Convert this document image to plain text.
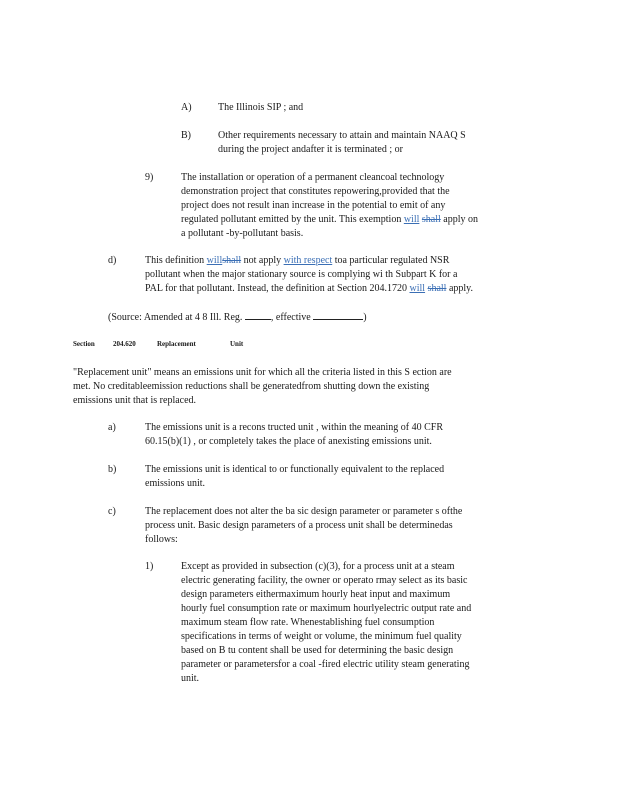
A)	The Illinois SIP ; and
B)	Other requirements necessary to attain and maintain NAAQ S
during the project andafter it is terminated ; or
9)	The installation or operation of a permanent cleancoal technology
demonstration project that constitutes repowering,provided that the
project does not result inan increase in the potential to emit of any
regulated pollutant emitted by the unit. This exemption will shall apply on
a pollutant -by-pollutant basis.
d)	This definition willshall not apply with respect toa particular regulated NSR
pollutant when the major stationary source is complying wi th Subpart K for a
PAL for that pollutant. Instead, the definition at Section 204.1720 will shall apply.
(Source: Amended at 4 8 Ill. Reg.	, effective	)
Section	204.620	Replacement	Unit
"Replacement unit" means an emissions unit for which all the criteria listed in this S ection are
met. No creditableemission reductions shall be generatedfrom shutting down the existing
emissions unit that is replaced.
a)	The emissions unit is a recons tructed unit , within the meaning of 40 CFR
60.15(b)(1) , or completely takes the place of anexisting emissions unit.
b)	The emissions unit is identical to or functionally equivalent to the replaced
emissions unit.
c)	The replacement does not alter the ba sic design parameter or parameter s ofthe
process unit. Basic design parameters of a process unit shall be determinedas
follows:
1)	Except as provided in subsection (c)(3), for a process unit at a steam
electric generating facility, the owner or operato rmay select as its basic
design parameters eithermaximum hourly heat input and maximum
hourly fuel consumption rate or maximum hourlyelectric output rate and
maximum steam flow rate. Whenestablishing fuel consumption
specifications in terms of weight or volume, the minimum fuel quality
based on B tu content shall be used for determining the basic design
parameter or parametersfor a coal -fired electric utility steam generating
unit.
